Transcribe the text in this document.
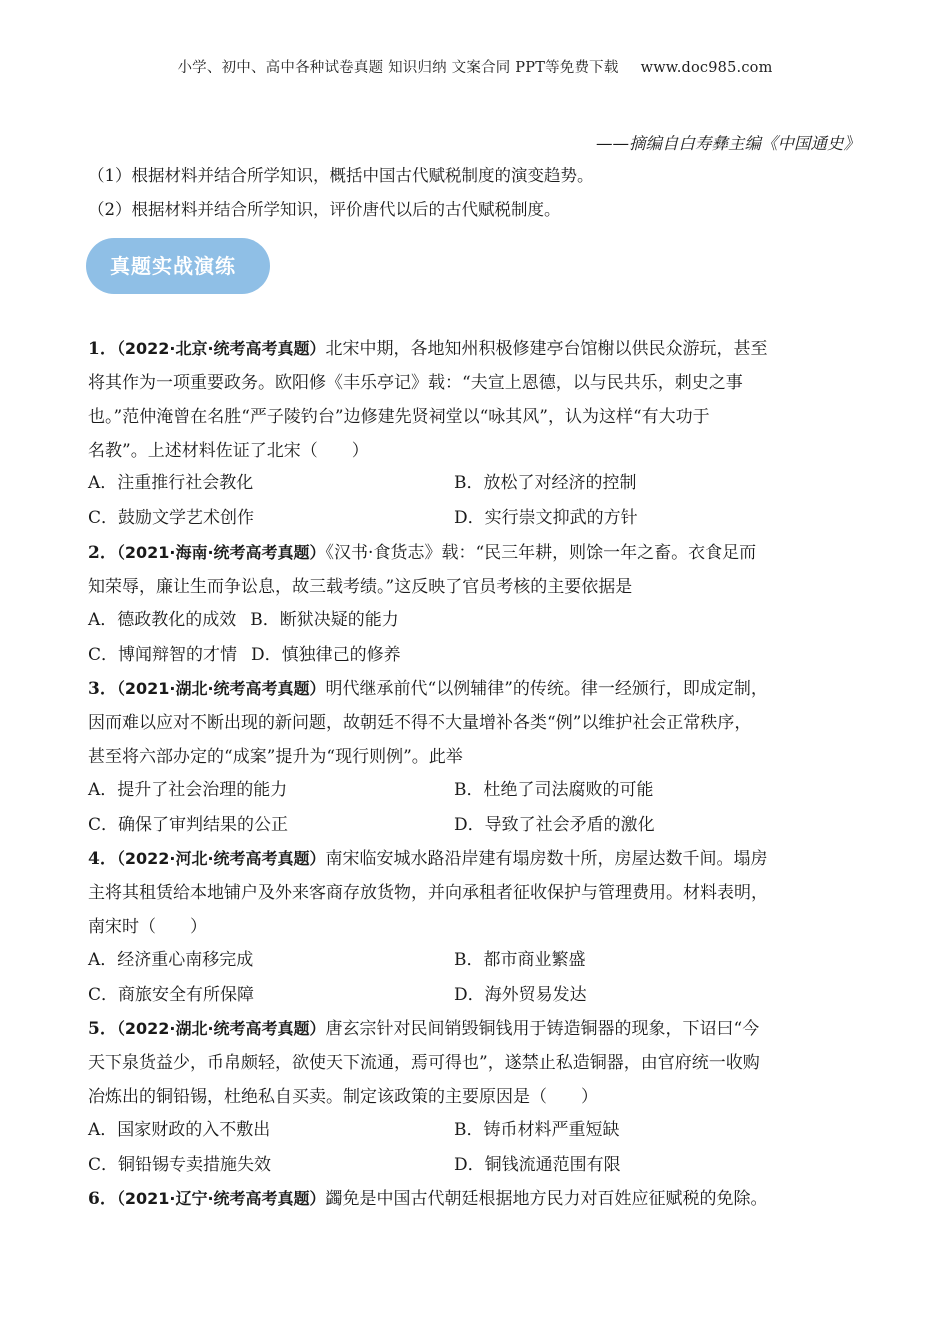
小学、初中、高中各种试卷真题 知识归纳 文案合同 PPT等免费下载 www.doc985.com
——摘编自白寿彝主编《中国通史》
（1）根据材料并结合所学知识，概括中国古代赋税制度的演变趋势。
（2）根据材料并结合所学知识，评价唐代以后的古代赋税制度。
真题实战演练
1．（2022·北京·统考高考真题）北宋中期，各地知州积极修建亭台馆榭以供民众游玩，甚至
将其作为一项重要政务。欧阳修《丰乐亭记》载：“夫宣上恩德，以与民共乐，刺史之事
也。”范仲淹曾在名胜“严子陵钓台”边修建先贤祠堂以“咏其风”，认为这样“有大功于
名教”。上述材料佐证了北宋（　　）
A．注重推行社会教化	B．放松了对经济的控制
C．鼓励文学艺术创作	D．实行崇文抑武的方针
2．（2021·海南·统考高考真题）《汉书·食货志》载：“民三年耕，则馀一年之畜。衣食足而
知荣辱，廉让生而争讼息，故三载考绩。”这反映了官员考核的主要依据是
A．德政教化的成效 B．断狱决疑的能力
C．博闻辩智的才情 D．慎独律己的修养
3．（2021·湖北·统考高考真题）明代继承前代“以例辅律”的传统。律一经颁行，即成定制，
因而难以应对不断出现的新问题，故朝廷不得不大量增补各类“例”以维护社会正常秩序，
甚至将六部办定的“成案”提升为“现行则例”。此举
A．提升了社会治理的能力	B．杜绝了司法腐败的可能
C．确保了审判结果的公正	D．导致了社会矛盾的激化
4．（2022·河北·统考高考真题）南宋临安城水路沿岸建有塌房数十所，房屋达数千间。塌房
主将其租赁给本地铺户及外来客商存放货物，并向承租者征收保护与管理费用。材料表明，
南宋时（　　）
A．经济重心南移完成	B．都市商业繁盛
C．商旅安全有所保障	D．海外贸易发达
5．（2022·湖北·统考高考真题）唐玄宗针对民间销毁铜钱用于铸造铜器的现象，下诏曰“今
天下泉货益少，币帛颇轻，欲使天下流通，焉可得也”，遂禁止私造铜器，由官府统一收购
冶炼出的铜铅锡，杜绝私自买卖。制定该政策的主要原因是（　　）
A．国家财政的入不敷出	B．铸币材料严重短缺
C．铜铅锡专卖措施失效	D．铜钱流通范围有限
6．（2021·辽宁·统考高考真题）蠲免是中国古代朝廷根据地方民力对百姓应征赋税的免除。
